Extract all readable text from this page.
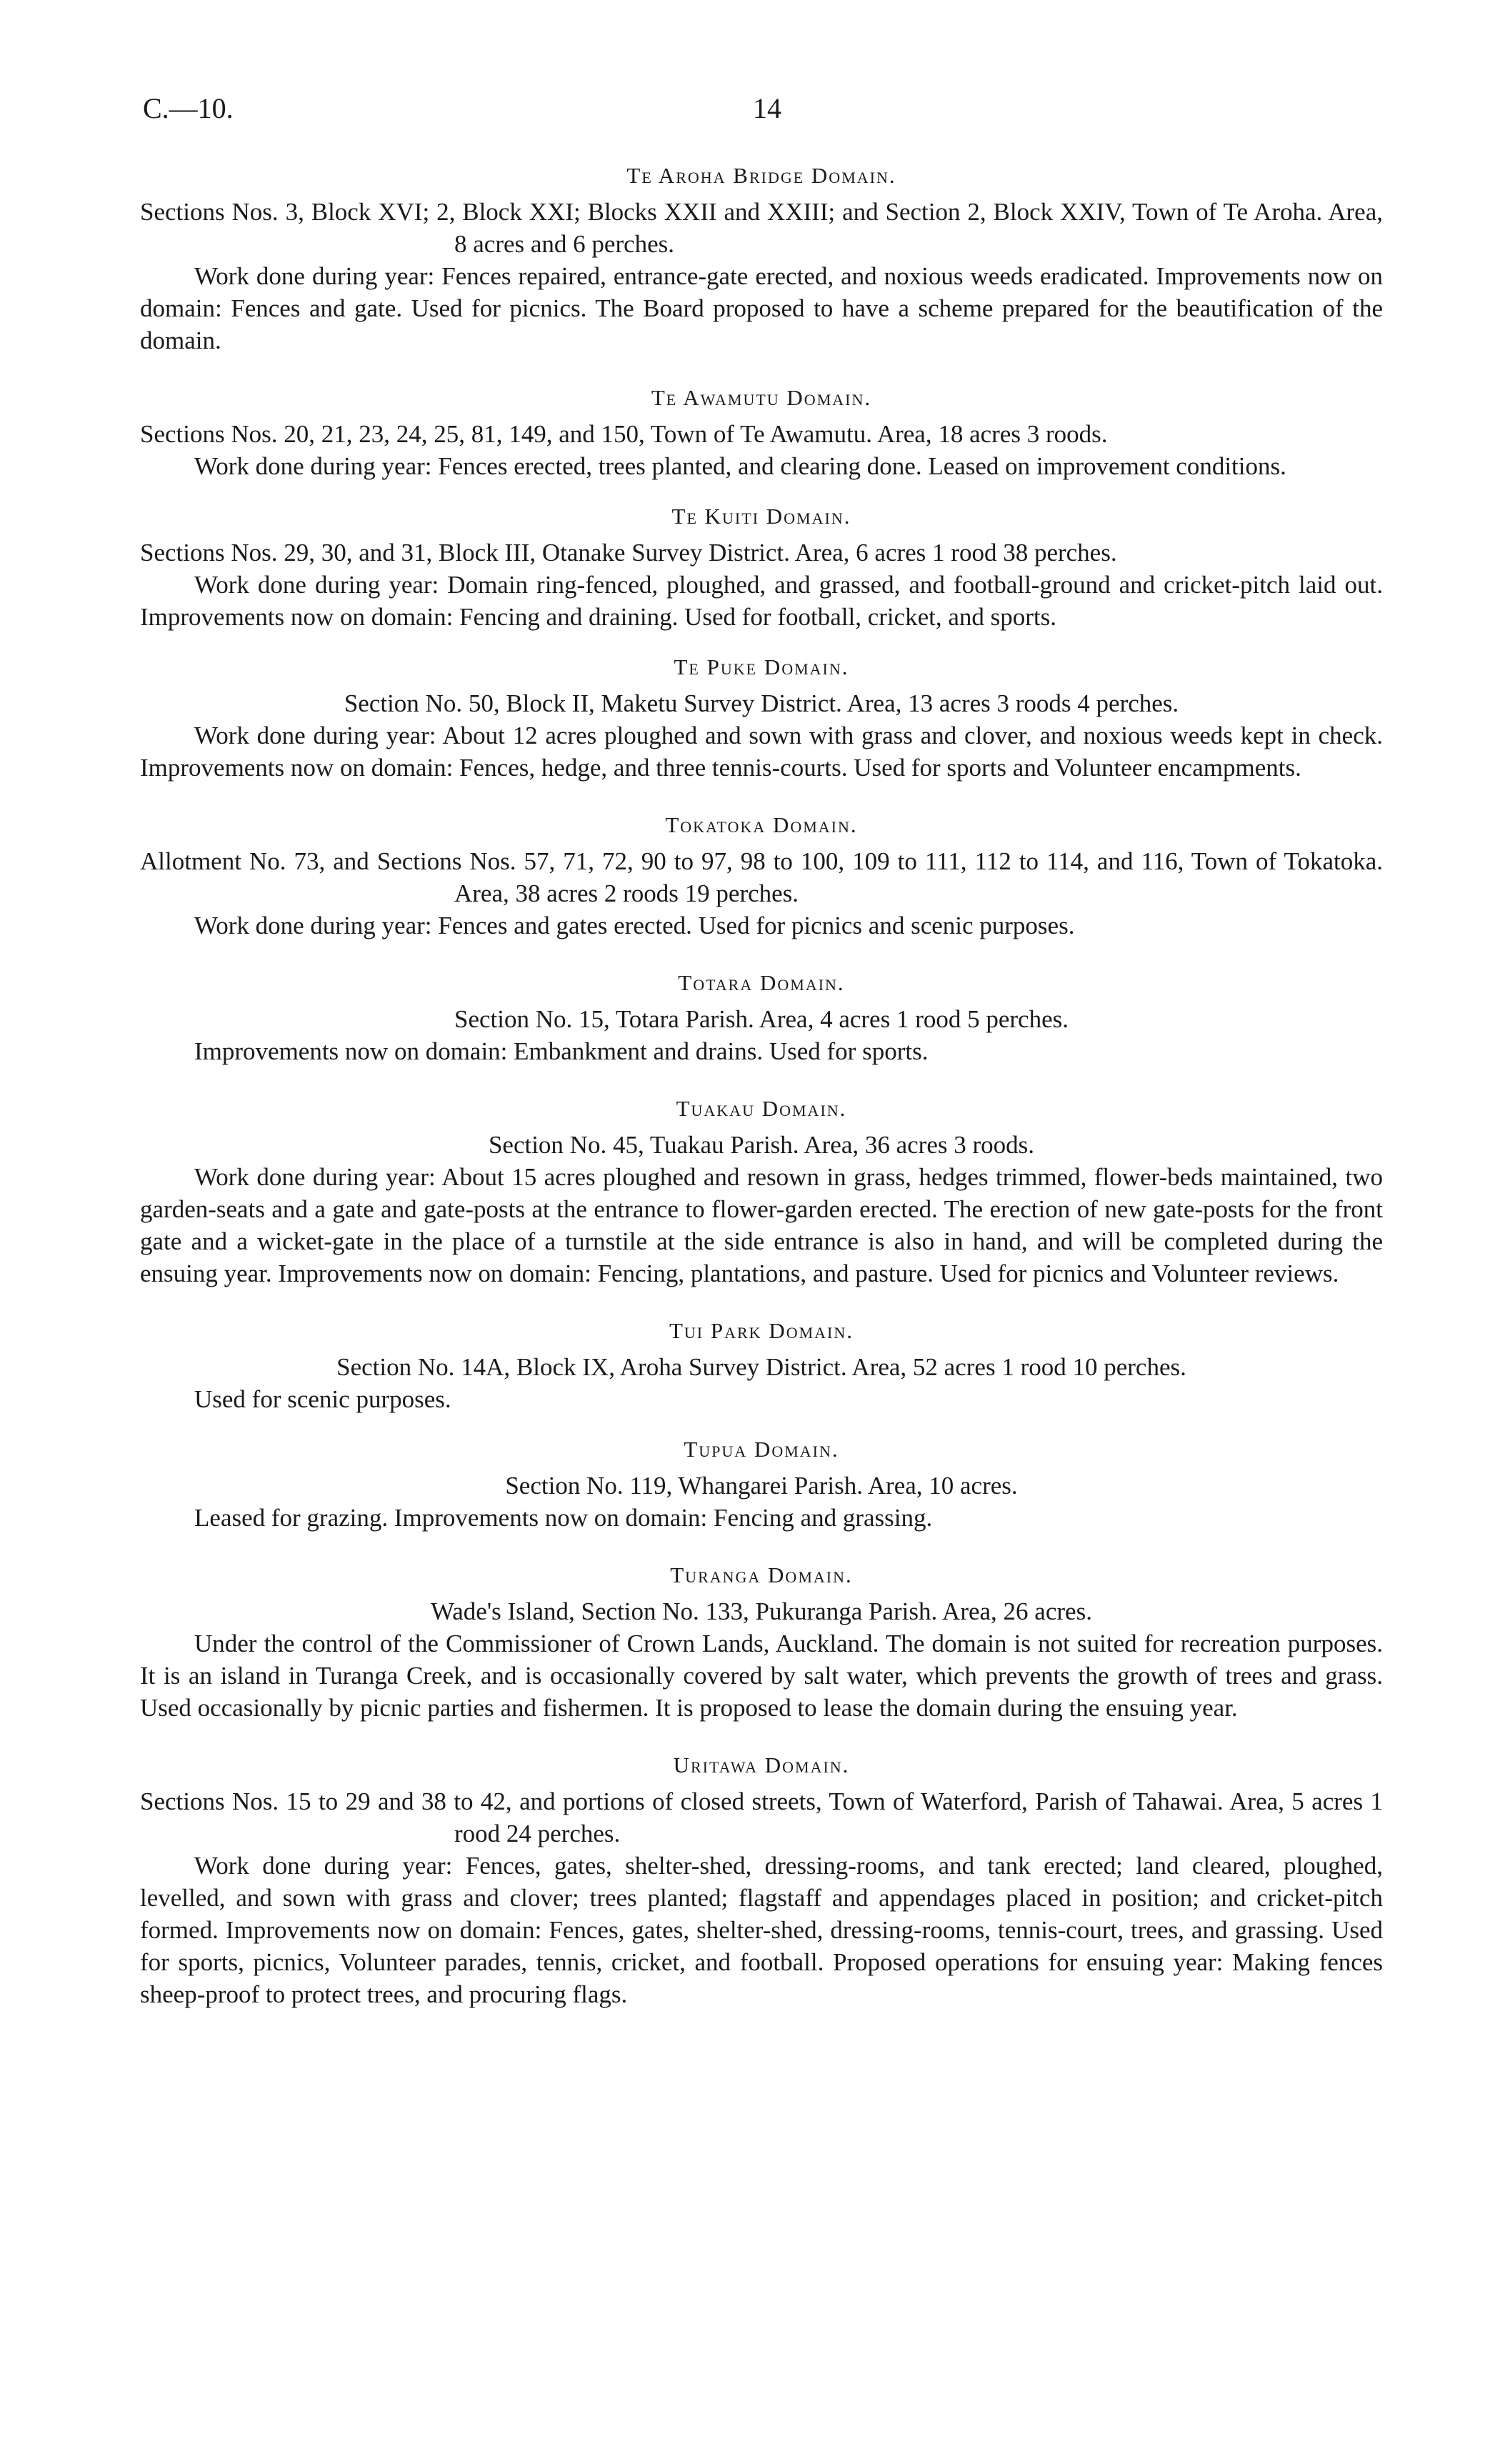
C.—10.	14
Te Aroha Bridge Domain.

Sections Nos. 3, Block XVI; 2, Block XXI; Blocks XXII and XXIII; and Section 2, Block XXIV, Town of Te Aroha. Area, 8 acres and 6 perches.

Work done during year: Fences repaired, entrance-gate erected, and noxious weeds eradicated. Improvements now on domain: Fences and gate. Used for picnics. The Board proposed to have a scheme prepared for the beautification of the domain.

Te Awamutu Domain.

Sections Nos. 20, 21, 23, 24, 25, 81, 149, and 150, Town of Te Awamutu. Area, 18 acres 3 roods.

Work done during year: Fences erected, trees planted, and clearing done. Leased on improvement conditions.

Te Kuiti Domain.

Sections Nos. 29, 30, and 31, Block III, Otanake Survey District. Area, 6 acres 1 rood 38 perches.

Work done during year: Domain ring-fenced, ploughed, and grassed, and football-ground and cricket-pitch laid out. Improvements now on domain: Fencing and draining. Used for football, cricket, and sports.

Te Puke Domain.

Section No. 50, Block II, Maketu Survey District. Area, 13 acres 3 roods 4 perches.

Work done during year: About 12 acres ploughed and sown with grass and clover, and noxious weeds kept in check. Improvements now on domain: Fences, hedge, and three tennis-courts. Used for sports and Volunteer encampments.

Tokatoka Domain.

Allotment No. 73, and Sections Nos. 57, 71, 72, 90 to 97, 98 to 100, 109 to 111, 112 to 114, and 116, Town of Tokatoka. Area, 38 acres 2 roods 19 perches.

Work done during year: Fences and gates erected. Used for picnics and scenic purposes.

Totara Domain.

Section No. 15, Totara Parish. Area, 4 acres 1 rood 5 perches.

Improvements now on domain: Embankment and drains. Used for sports.

Tuakau Domain.

Section No. 45, Tuakau Parish. Area, 36 acres 3 roods.

Work done during year: About 15 acres ploughed and resown in grass, hedges trimmed, flower-beds maintained, two garden-seats and a gate and gate-posts at the entrance to flower-garden erected. The erection of new gate-posts for the front gate and a wicket-gate in the place of a turnstile at the side entrance is also in hand, and will be completed during the ensuing year. Improvements now on domain: Fencing, plantations, and pasture. Used for picnics and Volunteer reviews.

Tui Park Domain.

Section No. 14A, Block IX, Aroha Survey District. Area, 52 acres 1 rood 10 perches.

Used for scenic purposes.

Tupua Domain.

Section No. 119, Whangarei Parish. Area, 10 acres.

Leased for grazing. Improvements now on domain: Fencing and grassing.

Turanga Domain.

Wade's Island, Section No. 133, Pukuranga Parish. Area, 26 acres.

Under the control of the Commissioner of Crown Lands, Auckland. The domain is not suited for recreation purposes. It is an island in Turanga Creek, and is occasionally covered by salt water, which prevents the growth of trees and grass. Used occasionally by picnic parties and fishermen. It is proposed to lease the domain during the ensuing year.

Uritawa Domain.

Sections Nos. 15 to 29 and 38 to 42, and portions of closed streets, Town of Waterford, Parish of Tahawai. Area, 5 acres 1 rood 24 perches.

Work done during year: Fences, gates, shelter-shed, dressing-rooms, and tank erected; land cleared, ploughed, levelled, and sown with grass and clover; trees planted; flagstaff and appendages placed in position; and cricket-pitch formed. Improvements now on domain: Fences, gates, shelter-shed, dressing-rooms, tennis-court, trees, and grassing. Used for sports, picnics, Volunteer parades, tennis, cricket, and football. Proposed operations for ensuing year: Making fences sheep-proof to protect trees, and procuring flags.
